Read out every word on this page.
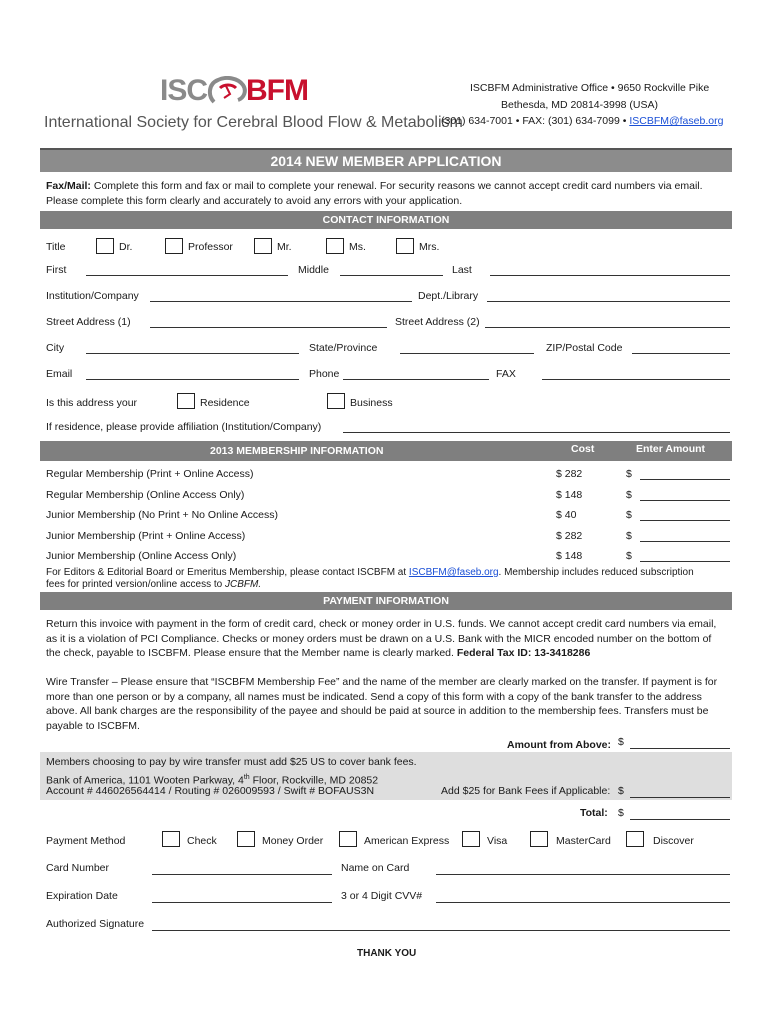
ISC BFM
International Society for Cerebral Blood Flow & Metabolism
ISCBFM Administrative Office • 9650 Rockville Pike
Bethesda, MD 20814-3998 (USA)
(301) 634-7001 • FAX: (301) 634-7099 • ISCBFM@faseb.org
2014 NEW MEMBER APPLICATION
Fax/Mail: Complete this form and fax or mail to complete your renewal. For security reasons we cannot accept credit card numbers via email.
Please complete this form clearly and accurately to avoid any errors with your application.
CONTACT INFORMATION
Title	Dr.	Professor	Mr.	Ms.	Mrs.
First	Middle	Last
Institution/Company	Dept./Library
Street Address (1)	Street Address (2)
City	State/Province	ZIP/Postal Code
Email	Phone	FAX
Is this address your	Residence	Business
If residence, please provide affiliation (Institution/Company)
2013 MEMBERSHIP INFORMATION	Cost	Enter Amount
Regular Membership (Print + Online Access)	$ 282	$
Regular Membership (Online Access Only)	$ 148	$
Junior Membership (No Print + No Online Access)	$ 40	$
Junior Membership (Print + Online Access)	$ 282	$
Junior Membership (Online Access Only)	$ 148	$
For Editors & Editorial Board or Emeritus Membership, please contact ISCBFM at ISCBFM@faseb.org. Membership includes reduced subscription
fees for printed version/online access to JCBFM.
PAYMENT INFORMATION
Return this invoice with payment in the form of credit card, check or money order in U.S. funds. We cannot accept credit card numbers via email, as it is a violation of PCI Compliance. Checks or money orders must be drawn on a U.S. Bank with the MICR encoded number on the bottom of the check, payable to ISCBFM. Please ensure that the Member name is clearly marked. Federal Tax ID: 13-3418286
Wire Transfer – Please ensure that “ISCBFM Membership Fee” and the name of the member are clearly marked on the transfer. If payment is for more than one person or by a company, all names must be indicated. Send a copy of this form with a copy of the bank transfer to the address above. All bank charges are the responsibility of the payee and should be paid at source in addition to the membership fees. Transfers must be payable to ISCBFM.
Amount from Above: $
Members choosing to pay by wire transfer must add $25 US to cover bank fees.
Bank of America, 1101 Wooten Parkway, 4th Floor, Rockville, MD 20852
Account # 446026564414 / Routing # 026009593 / Swift # BOFAUS3N	Add $25 for Bank Fees if Applicable: $
Total: $
Payment Method	Check	Money Order	American Express	Visa	MasterCard	Discover
Card Number	Name on Card
Expiration Date	3 or 4 Digit CVV#
Authorized Signature
THANK YOU
